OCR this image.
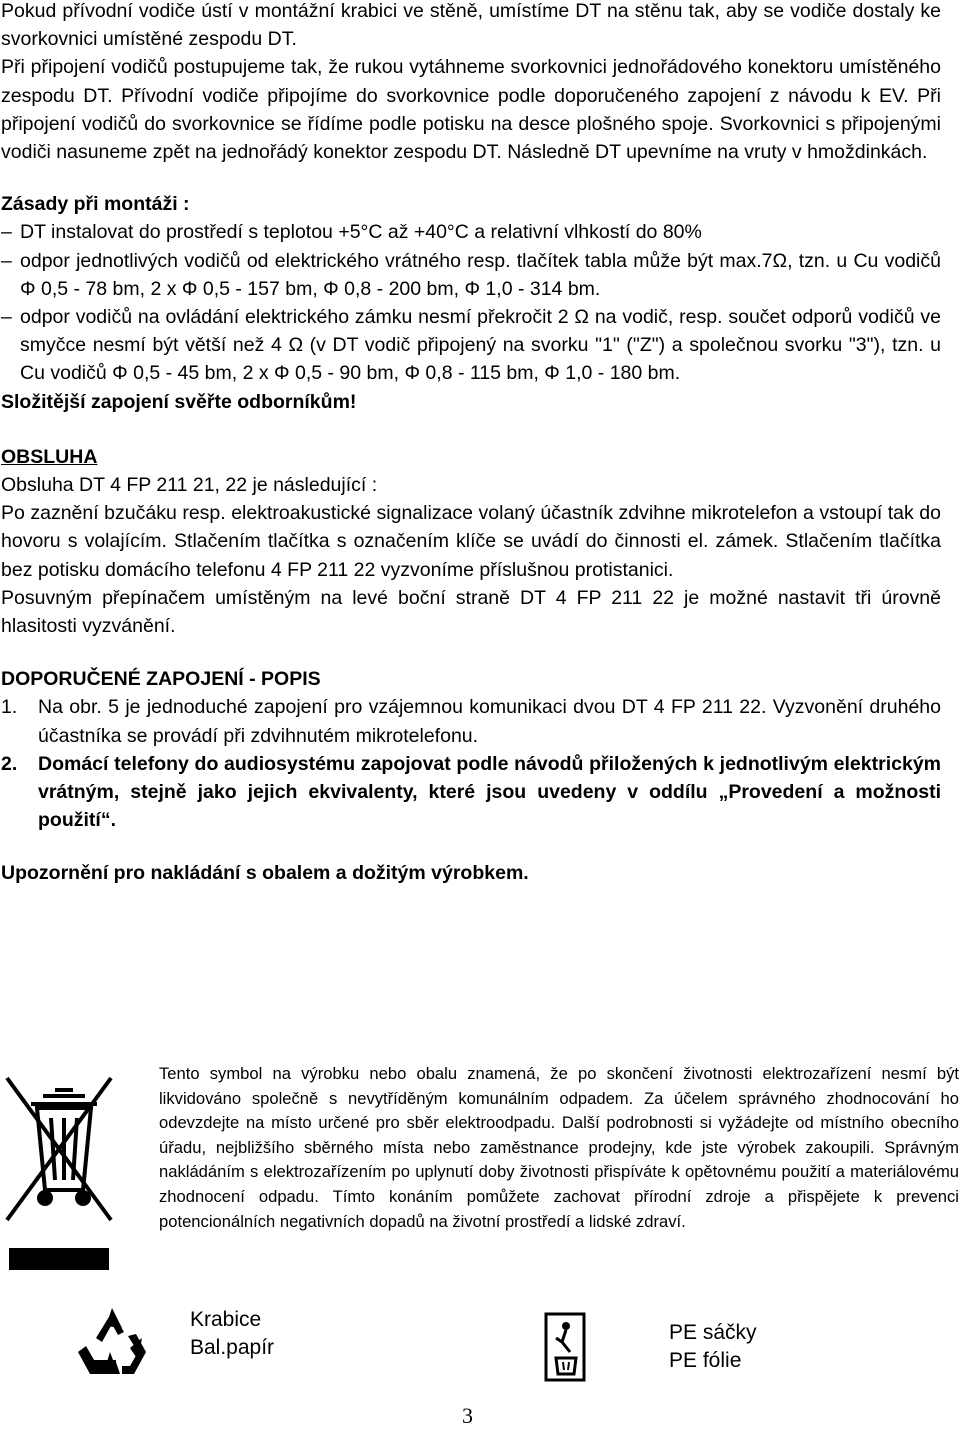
Pokud přívodní vodiče ústí v montážní krabici ve stěně, umístíme DT na stěnu tak, aby se vodiče dostaly ke svorkovnici umístěné zespodu DT.

Při připojení vodičů postupujeme tak, že rukou vytáhneme svorkovnici jednořádového konektoru umístěného zespodu DT. Přívodní vodiče připojíme do svorkovnice podle doporučeného zapojení z návodu k EV. Při připojení vodičů do svorkovnice se řídíme podle potisku na desce plošného spoje. Svorkovnici s připojenými vodiči nasuneme zpět na jednořádý konektor zespodu DT. Následně DT upevníme na vruty v hmoždinkách.

Zásady při montáži :

– DT instalovat do prostředí s teplotou +5°C až +40°C a relativní vlhkostí do 80%
– odpor jednotlivých vodičů od elektrického vrátného resp. tlačítek tabla může být max.7Ω, tzn. u Cu vodičů Φ 0,5 - 78 bm, 2 x Φ 0,5 - 157 bm, Φ 0,8 - 200 bm, Φ 1,0 - 314 bm.
– odpor vodičů na ovládání elektrického zámku nesmí překročit 2 Ω na vodič, resp. součet odporů vodičů ve smyčce nesmí být větší než 4 Ω (v DT vodič připojený na svorku "1" ("Z") a společnou svorku "3"), tzn. u Cu vodičů Φ 0,5 - 45 bm, 2 x Φ 0,5 - 90 bm, Φ 0,8 - 115 bm, Φ 1,0 - 180 bm.

Složitější zapojení svěřte odborníkům!

OBSLUHA

Obsluha DT 4 FP 211 21, 22 je následující :

Po zaznění bzučáku resp. elektroakustické signalizace volaný účastník zdvihne mikrotelefon a vstoupí tak do hovoru s volajícím. Stlačením tlačítka s označením klíče se uvádí do činnosti el. zámek. Stlačením tlačítka bez potisku domácího telefonu 4 FP 211 22 vyzvoníme příslušnou protistanici.

Posuvným přepínačem umístěným na levé boční straně DT 4 FP 211 22 je možné nastavit tři úrovně hlasitosti vyzvánění.

DOPORUČENÉ ZAPOJENÍ - POPIS

1. Na obr. 5 je jednoduché zapojení pro vzájemnou komunikaci dvou DT 4 FP 211 22. Vyzvonění druhého účastníka se provádí při zdvihnutém mikrotelefonu.
2. Domácí telefony do audiosystému zapojovat podle návodů přiložených k jednotlivým elektrickým vrátným, stejně jako jejich ekvivalenty, které jsou uvedeny v oddílu „Provedení a možnosti použití“.

Upozornění pro nakládání s obalem a dožitým výrobkem.

Tento symbol na výrobku nebo obalu znamená, že po skončení životnosti elektrozařízení nesmí být likvidováno společně s nevytříděným komunálním odpadem. Za účelem správného zhodnocování ho odevzdejte na místo určené pro sběr elektroodpadu. Další podrobnosti si vyžádejte od místního obecního úřadu, nejbližšího sběrného místa nebo zaměstnance prodejny, kde jste výrobek zakoupili. Správným nakládáním s elektrozařízením po uplynutí doby životnosti přispíváte k opětovnému použití a materiálovému zhodnocení odpadu. Tímto konáním pomůžete zachovat přírodní zdroje a přispějete k prevenci potencionálních negativních dopadů na životní prostředí a lidské zdraví.
Krabice
Bal.papír
PE sáčky
PE fólie
3
